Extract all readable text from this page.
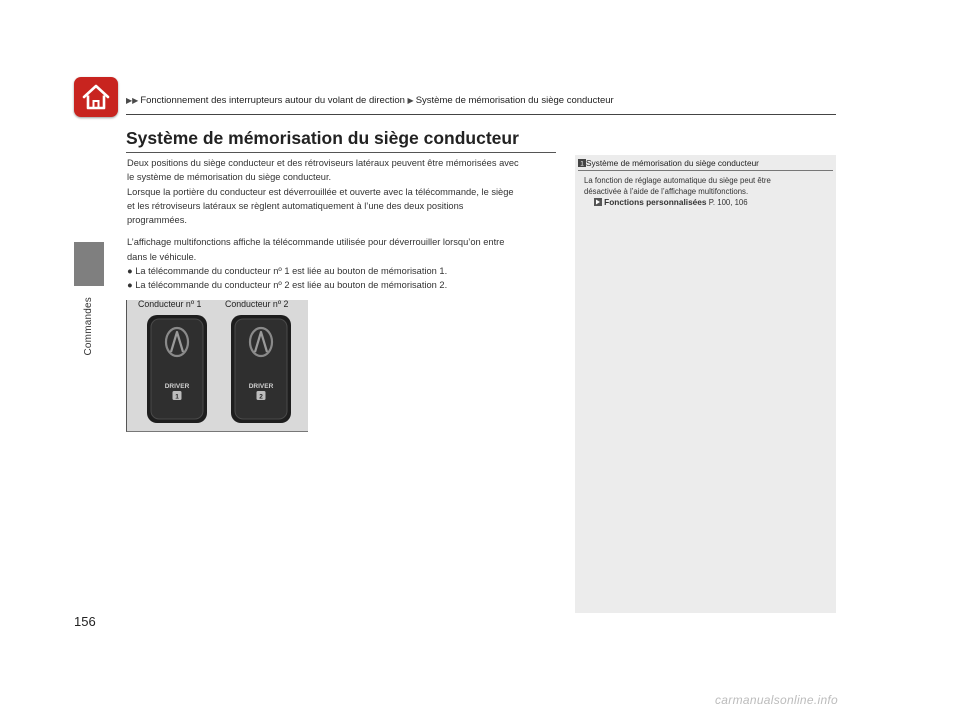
Commandes
▶▶ Fonctionnement des interrupteurs autour du volant de direction ▶ Système de mémorisation du siège conducteur
Système de mémorisation du siège conducteur

Deux positions du siège conducteur et des rétroviseurs latéraux peuvent être mémorisées avec

le système de mémorisation du siège conducteur.

Lorsque la portière du conducteur est déverrouillée et ouverte avec la télécommande, le siège

et les rétroviseurs latéraux se règlent automatiquement à l’une des deux positions

programmées.

L’affichage multifonctions affiche la télécommande utilisée pour déverrouiller lorsqu’on entre

dans le véhicule.

● La télécommande du conducteur nº 1 est liée au bouton de mémorisation 1.

● La télécommande du conducteur nº 2 est liée au bouton de mémorisation 2.

Conducteur nº 1	Conducteur nº 2
DRIVER
1
DRIVER
2
1 Système de mémorisation du siège conducteur

La fonction de réglage automatique du siège peut être

désactivée à l’aide de l’affichage multifonctions.

Fonctions personnalisées P. 100, 106

156
carmanualsonline.info
